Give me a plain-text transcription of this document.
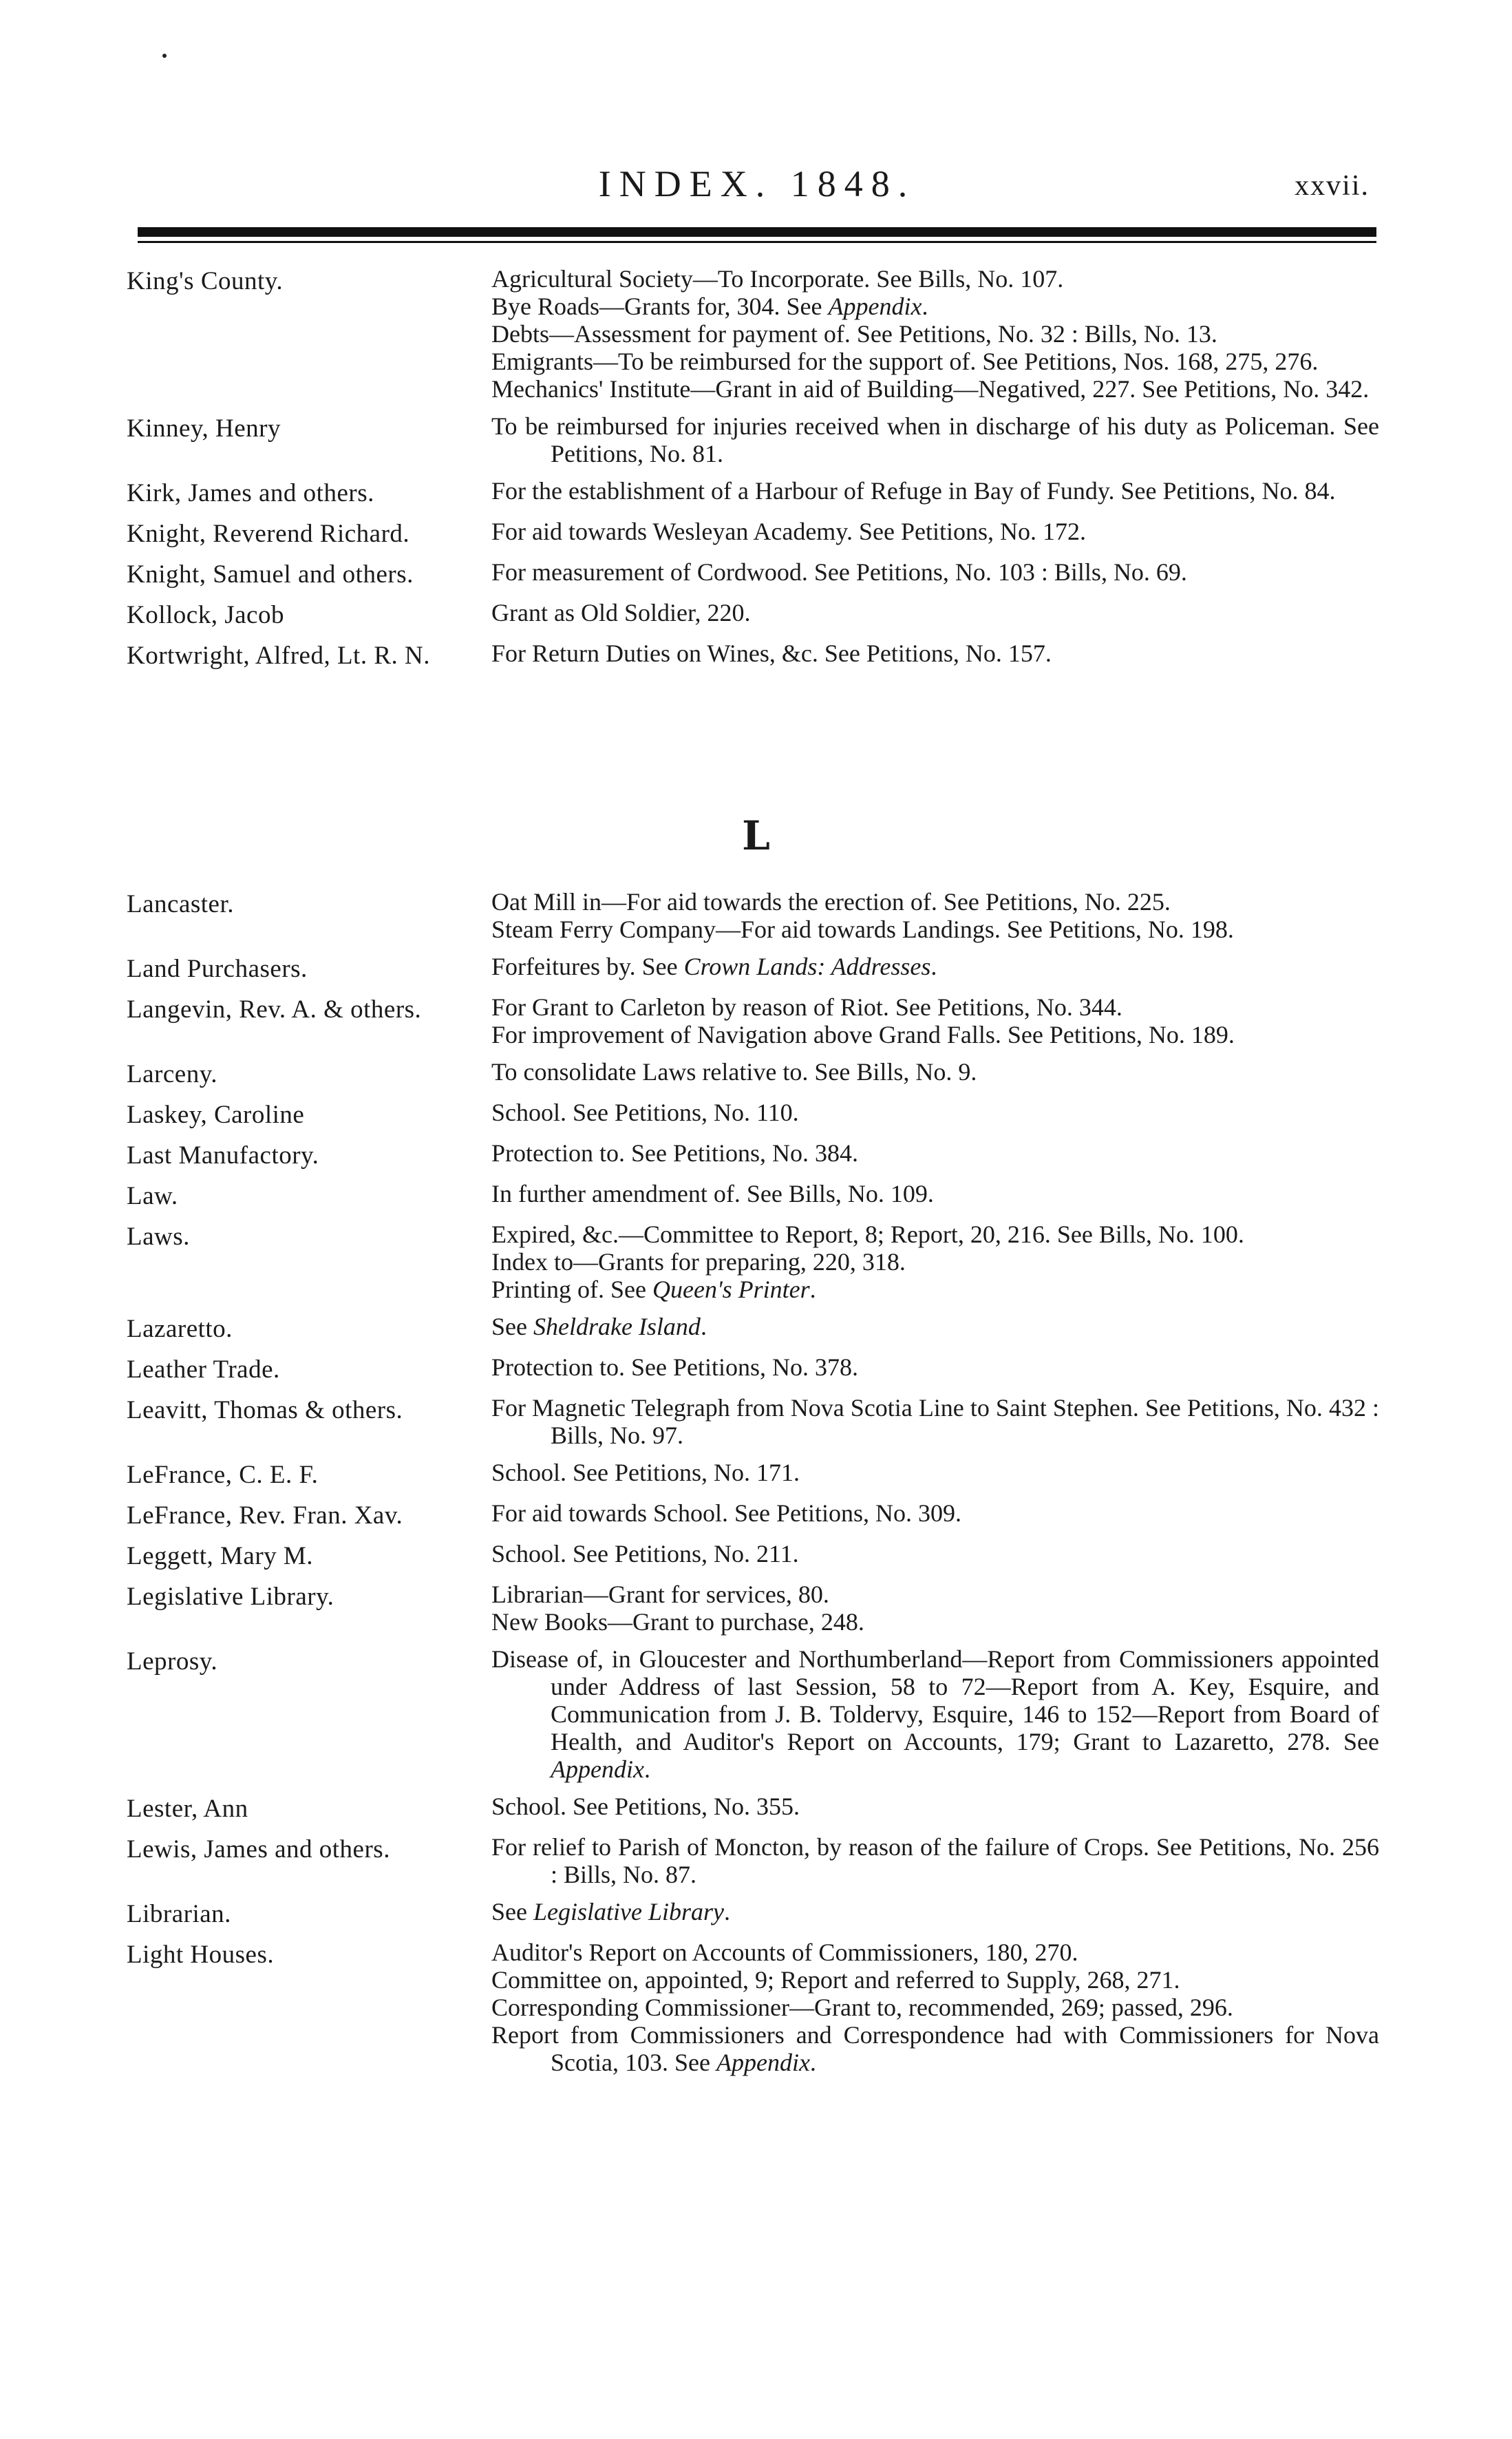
INDEX. 1848.	xxvii.
King's County.	Agricultural Society—To Incorporate. See Bills, No. 107.
Bye Roads—Grants for, 304. See Appendix.
Debts—Assessment for payment of. See Petitions, No. 32 : Bills, No. 13.
Emigrants—To be reimbursed for the support of. See Petitions, Nos. 168, 275, 276.
Mechanics' Institute—Grant in aid of Building—Negatived, 227. See Petitions, No. 342.
Kinney, Henry	To be reimbursed for injuries received when in discharge of his duty as Policeman. See Petitions, No. 81.
Kirk, James and others.	For the establishment of a Harbour of Refuge in Bay of Fundy. See Petitions, No. 84.
Knight, Reverend Richard.	For aid towards Wesleyan Academy. See Petitions, No. 172.
Knight, Samuel and others.	For measurement of Cordwood. See Petitions, No. 103 : Bills, No. 69.
Kollock, Jacob	Grant as Old Soldier, 220.
Kortwright, Alfred, Lt. R. N.	For Return Duties on Wines, &c. See Petitions, No. 157.
L
Lancaster.	Oat Mill in—For aid towards the erection of. See Petitions, No. 225.
Steam Ferry Company—For aid towards Landings. See Petitions, No. 198.
Land Purchasers.	Forfeitures by. See Crown Lands: Addresses.
Langevin, Rev. A. & others.	For Grant to Carleton by reason of Riot. See Petitions, No. 344.
For improvement of Navigation above Grand Falls. See Petitions, No. 189.
Larceny.	To consolidate Laws relative to. See Bills, No. 9.
Laskey, Caroline	School. See Petitions, No. 110.
Last Manufactory.	Protection to. See Petitions, No. 384.
Law.	In further amendment of. See Bills, No. 109.
Laws.	Expired, &c.—Committee to Report, 8; Report, 20, 216. See Bills, No. 100.
Index to—Grants for preparing, 220, 318.
Printing of. See Queen's Printer.
Lazaretto.	See Sheldrake Island.
Leather Trade.	Protection to. See Petitions, No. 378.
Leavitt, Thomas & others.	For Magnetic Telegraph from Nova Scotia Line to Saint Stephen. See Petitions, No. 432 : Bills, No. 97.
LeFrance, C. E. F.	School. See Petitions, No. 171.
LeFrance, Rev. Fran. Xav.	For aid towards School. See Petitions, No. 309.
Leggett, Mary M.	School. See Petitions, No. 211.
Legislative Library.	Librarian—Grant for services, 80.
New Books—Grant to purchase, 248.
Leprosy.	Disease of, in Gloucester and Northumberland—Report from Commissioners appointed under Address of last Session, 58 to 72—Report from A. Key, Esquire, and Communication from J. B. Toldervy, Esquire, 146 to 152—Report from Board of Health, and Auditor's Report on Accounts, 179; Grant to Lazaretto, 278. See Appendix.
Lester, Ann	School. See Petitions, No. 355.
Lewis, James and others.	For relief to Parish of Moncton, by reason of the failure of Crops. See Petitions, No. 256 : Bills, No. 87.
Librarian.	See Legislative Library.
Light Houses.	Auditor's Report on Accounts of Commissioners, 180, 270.
Committee on, appointed, 9; Report and referred to Supply, 268, 271.
Corresponding Commissioner—Grant to, recommended, 269; passed, 296.
Report from Commissioners and Correspondence had with Commissioners for Nova Scotia, 103. See Appendix.
